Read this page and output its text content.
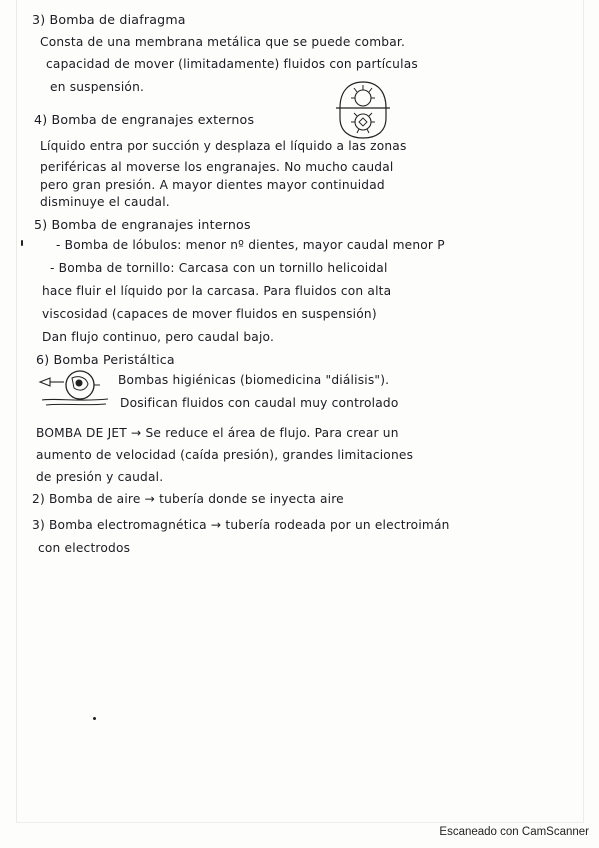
3) Bomba de diafragma
Consta de una membrana metálica que se puede combar.
capacidad de mover (limitadamente) fluidos con partículas
en suspensión.
4) Bomba de engranajes externos
Líquido entra por succión y desplaza el líquido a las zonas
periféricas al moverse los engranajes. No mucho caudal
pero gran presión. A mayor dientes mayor continuidad
disminuye el caudal.
5) Bomba de engranajes internos
- Bomba de lóbulos: menor nº dientes, mayor caudal menor P
- Bomba de tornillo: Carcasa con un tornillo helicoidal
hace fluir el líquido por la carcasa. Para fluidos con alta
viscosidad (capaces de mover fluidos en suspensión)
Dan flujo continuo, pero caudal bajo.
6) Bomba Peristáltica
Bombas higiénicas (biomedicina "diálisis").
Dosifican fluidos con caudal muy controlado
BOMBA DE JET → Se reduce el área de flujo. Para crear un
aumento de velocidad (caída presión), grandes limitaciones
de presión y caudal.
2) Bomba de aire → tubería donde se inyecta aire
3) Bomba electromagnética → tubería rodeada por un electroimán
con electrodos
Escaneado con CamScanner
